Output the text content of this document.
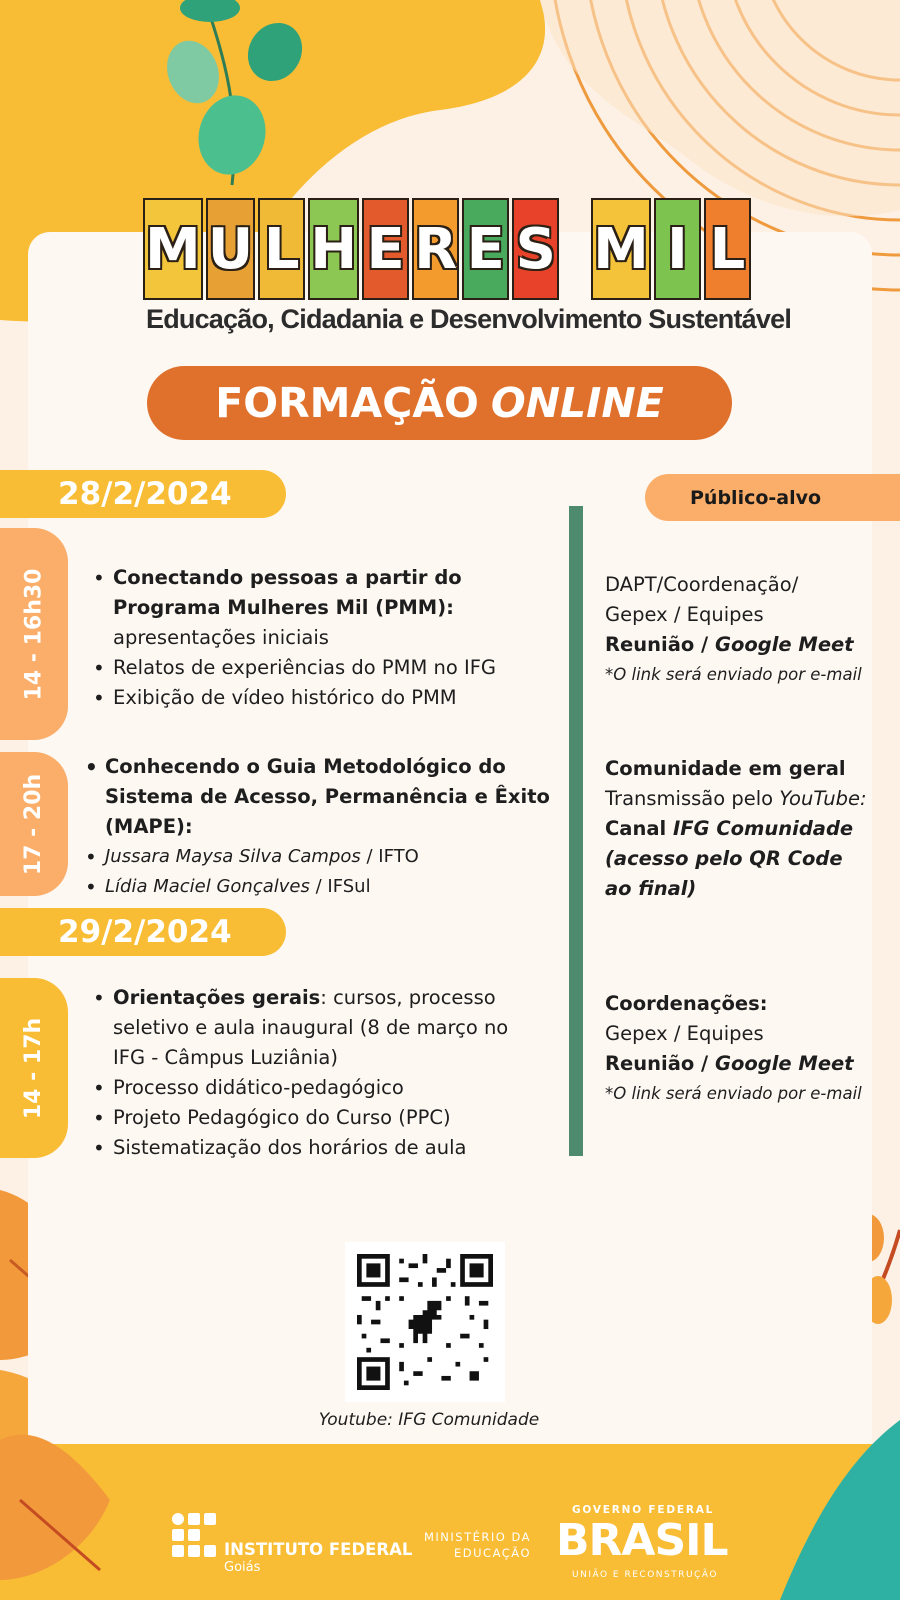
M U L H E R E S M I L
Educação, Cidadania e Desenvolvimento Sustentável
FORMAÇÃO ONLINE
28/2/2024	Público-alvo
14 - 16h30
•	Conectando pessoas a partir do Programa Mulheres Mil (PMM): apresentações iniciais
• Relatos de experiências do PMM no IFG
• Exibição de vídeo histórico do PMM
DAPT/Coordenação/
Gepex / Equipes
Reunião / Google Meet
*O link será enviado por e-mail
17 - 20h
• Conhecendo o Guia Metodológico do Sistema de Acesso, Permanência e Êxito (MAPE):
• Jussara Maysa Silva Campos / IFTO
• Lídia Maciel Gonçalves / IFSul
Comunidade em geral
Transmissão pelo YouTube:
Canal IFG Comunidade (acesso pelo QR Code ao final)
29/2/2024
14 - 17h
• Orientações gerais: cursos, processo seletivo e aula inaugural (8 de março no IFG - Câmpus Luziânia)
• Processo didático-pedagógico
• Projeto Pedagógico do Curso (PPC)
• Sistematização dos horários de aula
Coordenações:
Gepex / Equipes
Reunião / Google Meet
*O link será enviado por e-mail
Youtube: IFG Comunidade
INSTITUTO FEDERAL
Goiás
MINISTÉRIO DA
EDUCAÇÃO
GOVERNO FEDERAL
BRASIL
UNIÃO E RECONSTRUÇÃO
